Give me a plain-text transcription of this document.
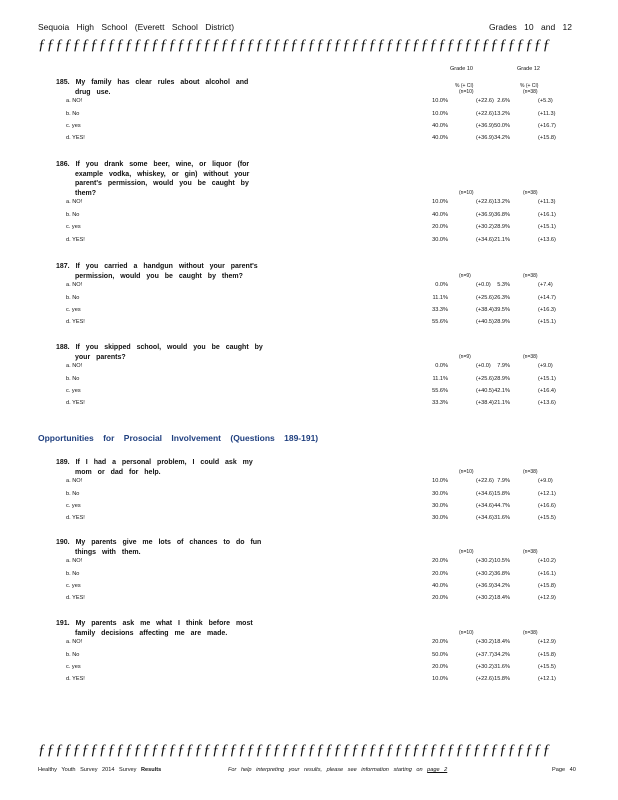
Sequoia High School (Everett School District)	Grades 10 and 12
ƒƒƒƒƒƒƒƒƒƒƒƒƒƒƒƒƒƒƒƒƒƒƒƒƒƒƒƒƒƒƒƒƒƒƒƒƒƒƒƒƒƒƒƒƒƒƒƒƒƒƒƒƒƒƒƒƒƒƒ
Grade 10	Grade 12
Opportunities for Prosocial Involvement (Questions 189-191)
185. My family has clear rules about alcohol and
drug use.
% (+ CI)	% (+ CI)
(n=10)	(n=38)
a. NO!	10.0%	(+22.6) 2.6%	(+5.3)
b. No	10.0%	(+22.6) 13.2%	(+11.3)
c. yes	40.0%	(+36.9) 50.0%	(+16.7)
d. YES!	40.0%	(+36.9) 34.2%	(+15.8)
186. If you drank some beer, wine, or liquor (for
example vodka, whiskey, or gin) without your
parent's permission, would you be caught by
them?	(n=10)	(n=38)
a. NO!	10.0%	(+22.6) 13.2%	(+11.3)
b. No	40.0%	(+36.9) 36.8%	(+16.1)
c. yes	20.0%	(+30.2) 28.9%	(+15.1)
d. YES!	30.0%	(+34.6) 21.1%	(+13.6)
187. If you carried a handgun without your parent's
permission, would you be caught by them?	(n=9)	(n=38)
a. NO!	0.0%	(+0.0)	5.3%	(+7.4)
b. No	11.1%	(+25.6) 26.3%	(+14.7)
c. yes	33.3%	(+38.4) 39.5%	(+16.3)
d. YES!	55.6%	(+40.5) 28.9%	(+15.1)
188. If you skipped school, would you be caught by
your parents?	(n=9)	(n=38)
a. NO!	0.0%	(+0.0)	7.9%	(+9.0)
b. No	11.1%	(+25.6) 28.9%	(+15.1)
c. yes	55.6%	(+40.5) 42.1%	(+16.4)
d. YES!	33.3%	(+38.4) 21.1%	(+13.6)
189. If I had a personal problem, I could ask my
mom or dad for help.	(n=10)	(n=38)
a. NO!	10.0%	(+22.6) 7.9%	(+9.0)
b. No	30.0%	(+34.6) 15.8%	(+12.1)
c. yes	30.0%	(+34.6) 44.7%	(+16.6)
d. YES!	30.0%	(+34.6) 31.6%	(+15.5)
190. My parents give me lots of chances to do fun
things with them.	(n=10)	(n=38)
a. NO!	20.0%	(+30.2) 10.5%	(+10.2)
b. No	20.0%	(+30.2) 36.8%	(+16.1)
c. yes	40.0%	(+36.9) 34.2%	(+15.8)
d. YES!	20.0%	(+30.2) 18.4%	(+12.9)
191. My parents ask me what I think before most
family decisions affecting me are made.	(n=10)	(n=38)
a. NO!	20.0%	(+30.2) 18.4%	(+12.9)
b. No	50.0%	(+37.7) 34.2%	(+15.8)
c. yes	20.0%	(+30.2) 31.6%	(+15.5)
d. YES!	10.0%	(+22.6) 15.8%	(+12.1)
ƒƒƒƒƒƒƒƒƒƒƒƒƒƒƒƒƒƒƒƒƒƒƒƒƒƒƒƒƒƒƒƒƒƒƒƒƒƒƒƒƒƒƒƒƒƒƒƒƒƒƒƒƒƒƒƒƒƒƒ
Healthy Youth Survey 2014 Survey Results	For help interpreting your results, please see information starting on page 2	Page 40
